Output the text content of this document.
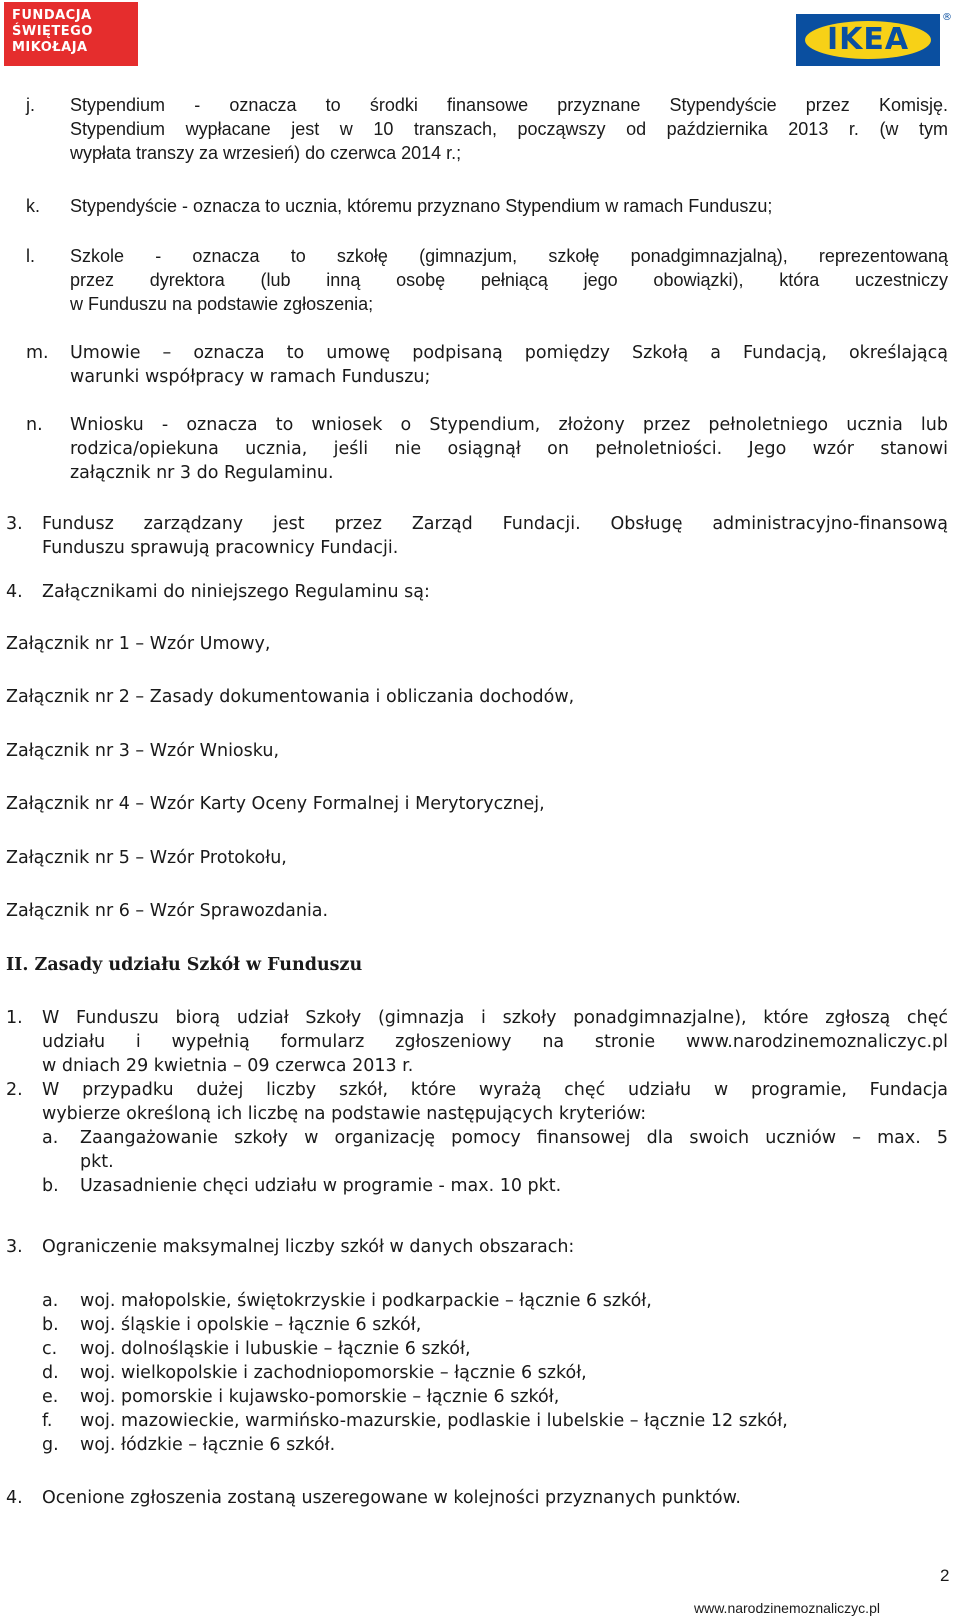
FUNDACJA
ŚWIĘTEGO
MIKOŁAJA	IKEA
®
j. Stypendium - oznacza to środki finansowe przyznane Stypendyście przez Komisję.
Stypendium wypłacane jest w 10 transzach, począwszy od października 2013 r. (w tym
wypłata transzy za wrzesień) do czerwca 2014 r.;
k. Stypendyście - oznacza to ucznia, któremu przyznano Stypendium w ramach Funduszu;
l. Szkole - oznacza to szkołę (gimnazjum, szkołę ponadgimnazjalną), reprezentowaną
przez dyrektora (lub inną osobę pełniącą jego obowiązki), która uczestniczy
w Funduszu na podstawie zgłoszenia;
m. Umowie – oznacza to umowę podpisaną pomiędzy Szkołą a Fundacją, określającą
warunki współpracy w ramach Funduszu;
n. Wniosku - oznacza to wniosek o Stypendium, złożony przez pełnoletniego ucznia lub
rodzica/opiekuna ucznia, jeśli nie osiągnął on pełnoletniości. Jego wzór stanowi
załącznik nr 3 do Regulaminu.
3. Fundusz zarządzany jest przez Zarząd Fundacji. Obsługę administracyjno-finansową
Funduszu sprawują pracownicy Fundacji.
4. Załącznikami do niniejszego Regulaminu są:
Załącznik nr 1 – Wzór Umowy,
Załącznik nr 2 – Zasady dokumentowania i obliczania dochodów,
Załącznik nr 3 – Wzór Wniosku,
Załącznik nr 4 – Wzór Karty Oceny Formalnej i Merytorycznej,
Załącznik nr 5 – Wzór Protokołu,
Załącznik nr 6 – Wzór Sprawozdania.
II. Zasady udziału Szkół w Funduszu
1. W Funduszu biorą udział Szkoły (gimnazja i szkoły ponadgimnazjalne), które zgłoszą chęć
udziału i wypełnią formularz zgłoszeniowy na stronie www.narodzinemoznaliczyc.pl
w dniach 29 kwietnia – 09 czerwca 2013 r.
2. W przypadku dużej liczby szkół, które wyrażą chęć udziału w programie, Fundacja
wybierze określoną ich liczbę na podstawie następujących kryteriów:
a. Zaangażowanie szkoły w organizację pomocy finansowej dla swoich uczniów – max. 5
pkt.
b. Uzasadnienie chęci udziału w programie - max. 10 pkt.
3. Ograniczenie maksymalnej liczby szkół w danych obszarach:
a. woj. małopolskie, świętokrzyskie i podkarpackie – łącznie 6 szkół,
b. woj. śląskie i opolskie – łącznie 6 szkół,
c. woj. dolnośląskie i lubuskie – łącznie 6 szkół,
d. woj. wielkopolskie i zachodniopomorskie – łącznie 6 szkół,
e. woj. pomorskie i kujawsko-pomorskie – łącznie 6 szkół,
f. woj. mazowieckie, warmińsko-mazurskie, podlaskie i lubelskie – łącznie 12 szkół,
g. woj. łódzkie – łącznie 6 szkół.
4. Ocenione zgłoszenia zostaną uszeregowane w kolejności przyznanych punktów.
2
www.narodzinemoznaliczyc.pl
